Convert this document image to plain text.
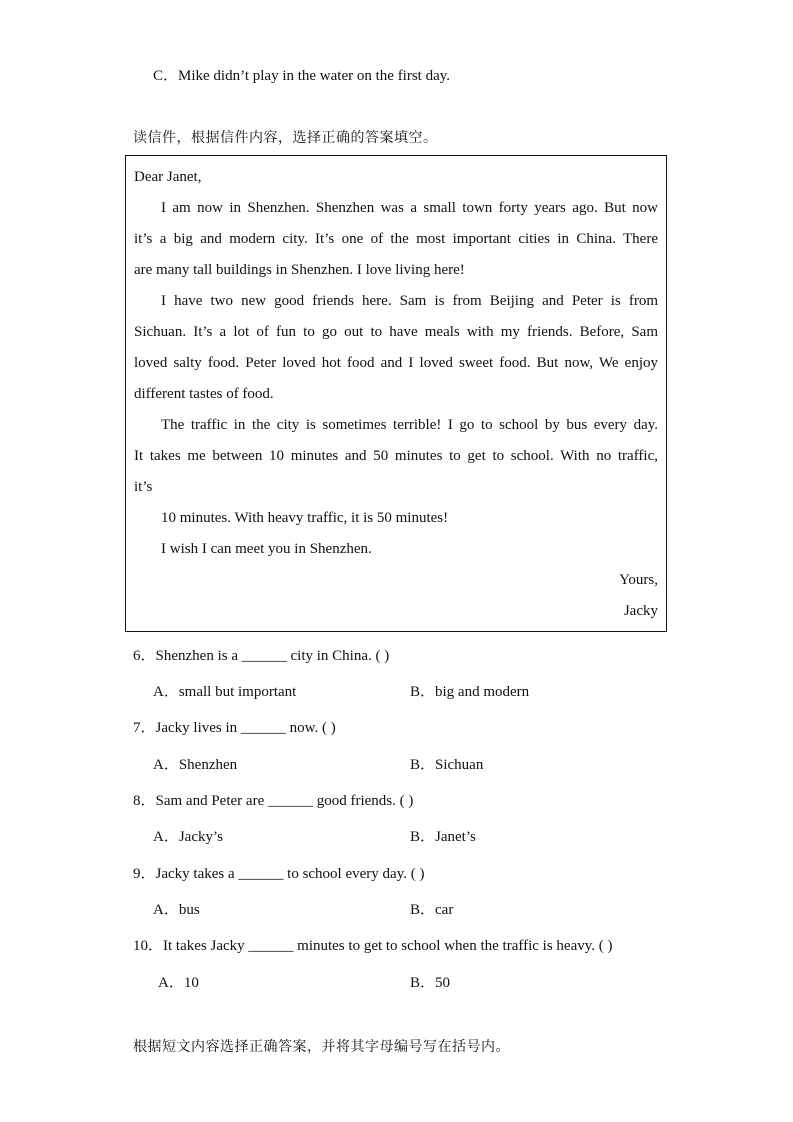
C．Mike didn’t play in the water on the first day.
读信件，根据信件内容，选择正确的答案填空。
Dear Janet,
I am now in Shenzhen. Shenzhen was a small town forty years ago. But now
it’s a big and modern city. It’s one of the most important cities in China. There
are many tall buildings in Shenzhen. I love living here!
I have two new good friends here. Sam is from Beijing and Peter is from
Sichuan. It’s a lot of fun to go out to have meals with my friends. Before, Sam
loved salty food. Peter loved hot food and I loved sweet food. But now, We enjoy
different tastes of food.
The traffic in the city is sometimes terrible! I go to school by bus every day.
It takes me between 10 minutes and 50 minutes to get to school. With no traffic,
it’s
10 minutes. With heavy traffic, it is 50 minutes!
I wish I can meet you in Shenzhen.
Yours,
Jacky
6．Shenzhen is a ______ city in China. ( )
A．small but important	B．big and modern
7．Jacky lives in ______ now. ( )
A．Shenzhen	B．Sichuan
8．Sam and Peter are ______ good friends. ( )
A．Jacky’s	B．Janet’s
9．Jacky takes a ______ to school every day. ( )
A．bus	B．car
10．It takes Jacky ______ minutes to get to school when the traffic is heavy. ( )
A．10	B．50
根据短文内容选择正确答案，并将其字母编号写在括号内。
